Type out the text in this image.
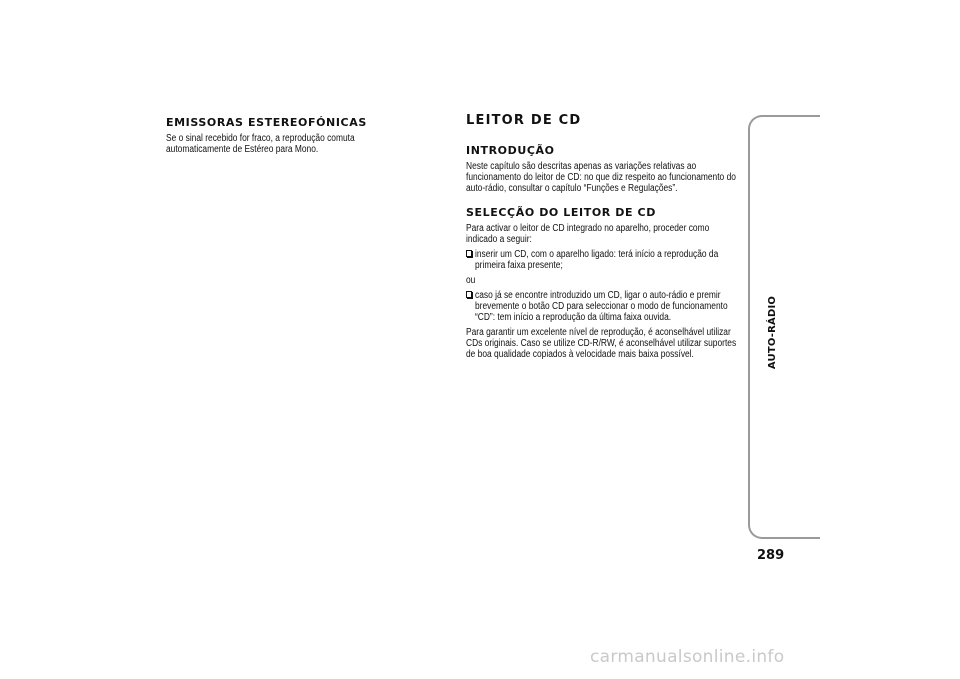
EMISSORAS ESTEREOFÓNICAS

Se o sinal recebido for fraco, a reprodução comuta automaticamente de Estéreo para Mono.

LEITOR DE CD
INTRODUÇÃO

Neste capítulo são descritas apenas as variações relativas ao funcionamento do leitor de CD: no que diz respeito ao funcionamento do auto-rádio, consultar o capítulo “Funções e Regulações”.

SELECÇÃO DO LEITOR DE CD

Para activar o leitor de CD integrado no aparelho, proceder como indicado a seguir:

inserir um CD, com o aparelho ligado: terá início a reprodução da primeira faixa presente;

ou

caso já se encontre introduzido um CD, ligar o auto-rádio e premir brevemente o botão CD para seleccionar o modo de funcionamento “CD”: tem início a reprodução da última faixa ouvida.

Para garantir um excelente nível de reprodução, é aconselhável utilizar CDs originais. Caso se utilize CD-R/RW, é aconselhável utilizar suportes de boa qualidade copiados à velocidade mais baixa possível.	AUTO-RÁDIO
289
carmanualsonline.info
